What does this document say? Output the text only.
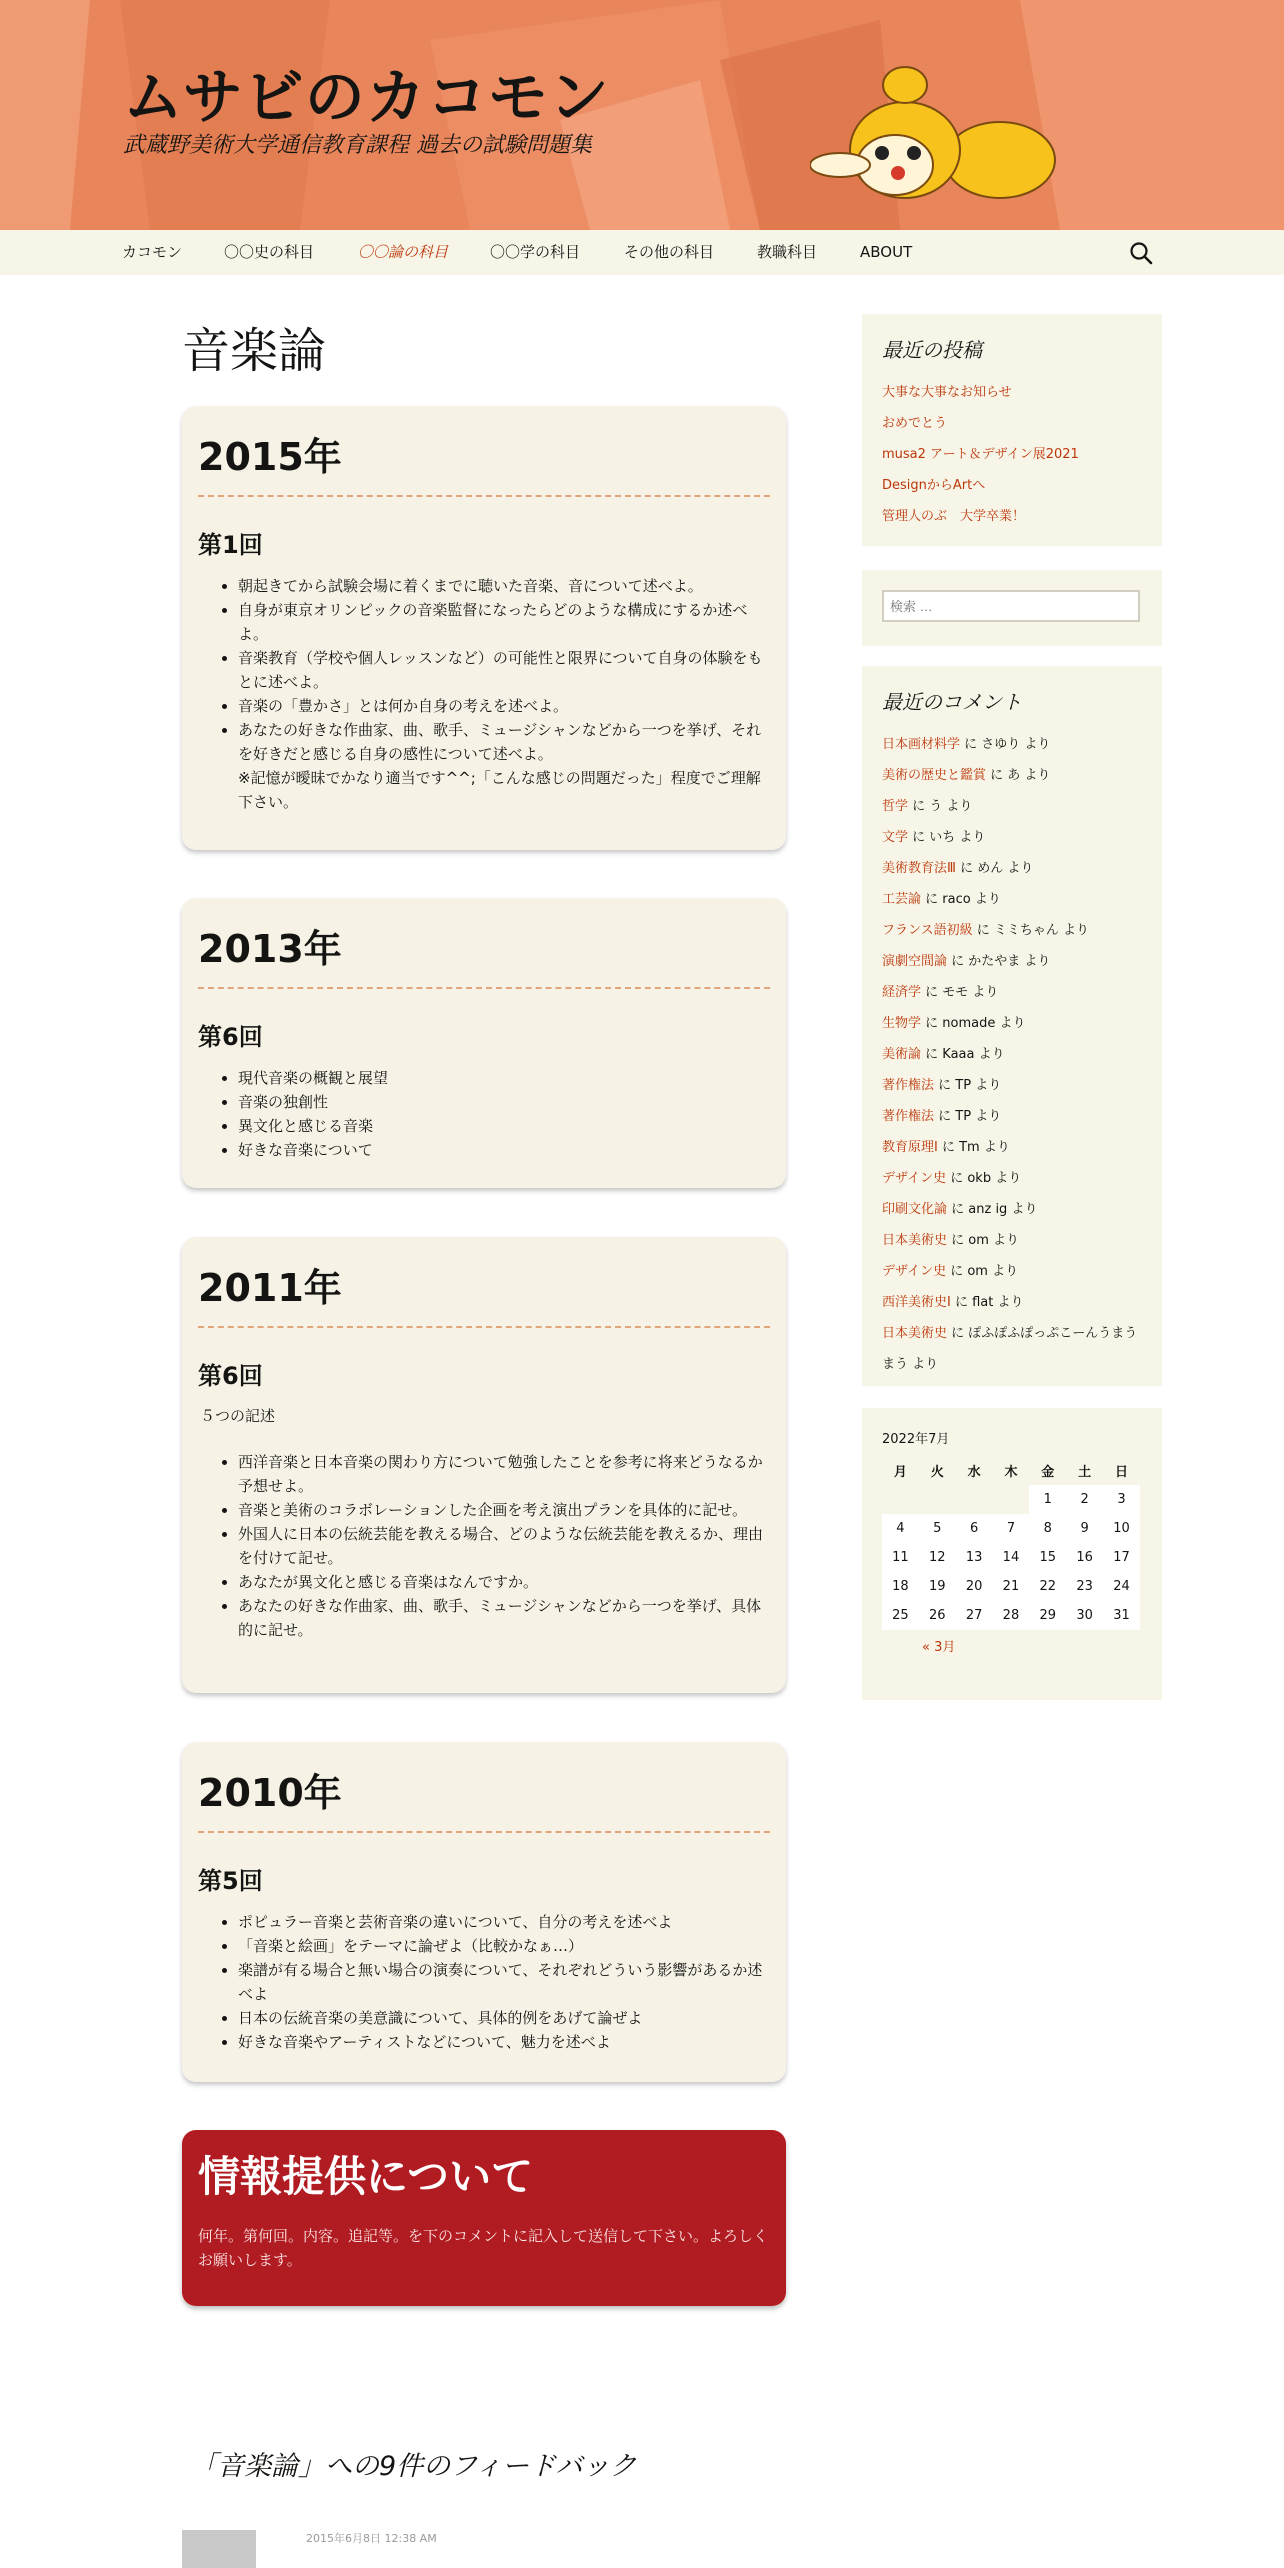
ムサビのカコモン
武蔵野美術大学通信教育課程 過去の試験問題集
カコモン	〇〇史の科目	〇〇論の科目	〇〇学の科目	その他の科目	教職科目	ABOUT
音楽論
2015年
第1回
• 朝起きてから試験会場に着くまでに聴いた音楽、音について述べよ。
• 自身が東京オリンピックの音楽監督になったらどのような構成にするか述べよ。
• 音楽教育（学校や個人レッスンなど）の可能性と限界について自身の体験をもとに述べよ。
• 音楽の「豊かさ」とは何か自身の考えを述べよ。
• あなたの好きな作曲家、曲、歌手、ミュージシャンなどから一つを挙げ、それを好きだと感じる自身の感性について述べよ。
※記憶が曖昧でかなり適当です^^;「こんな感じの問題だった」程度でご理解下さい。
2013年
第6回
• 現代音楽の概観と展望
• 音楽の独創性
• 異文化と感じる音楽
• 好きな音楽について
2011年
第6回

５つの記述

• 西洋音楽と日本音楽の関わり方について勉強したことを参考に将来どうなるか予想せよ。
• 音楽と美術のコラボレーションした企画を考え演出プランを具体的に記せ。
• 外国人に日本の伝統芸能を教える場合、どのような伝統芸能を教えるか、理由を付けて記せ。
• あなたが異文化と感じる音楽はなんですか。
• あなたの好きな作曲家、曲、歌手、ミュージシャンなどから一つを挙げ、具体的に記せ。
2010年
第5回
• ポピュラー音楽と芸術音楽の違いについて、自分の考えを述べよ
• 「音楽と絵画」をテーマに論ぜよ（比較かなぁ…）
• 楽譜が有る場合と無い場合の演奏について、それぞれどういう影響があるか述べよ
• 日本の伝統音楽の美意識について、具体的例をあげて論ぜよ
• 好きな音楽やアーティストなどについて、魅力を述べよ
情報提供について

何年。第何回。内容。追記等。を下のコメントに記入して送信して下さい。よろしくお願いします。

「音楽論」への9件のフィードバック
2015年6月8日 12:38 AM
最近の投稿
大事な大事なお知らせ
おめでとう
musa2 アート＆デザイン展2021
DesignからArtへ
管理人のぶ　大学卒業！
検索 …
最近のコメント
日本画材料学 に さゆり より
美術の歴史と鑑賞 に あ より
哲学 に う より
文学 に いち より
美術教育法Ⅲ に めん より
工芸論 に raco より
フランス語初級 に ミミちゃん より
演劇空間論 に かたやま より
経済学 に モモ より
生物学 に nomade より
美術論 に Kaaa より
著作権法 に TP より
著作権法 に TP より
教育原理Ⅰ に Tm より
デザイン史 に okb より
印刷文化論 に anz ig より
日本美術史 に om より
デザイン史 に om より
西洋美術史Ⅰ に flat より
日本美術史 に ぽふぽふぽっぷこーんうまうまう より
2022年7月
月	火	水	木	金	土	日
				1	2	3
4	5	6	7	8	9	10
11	12	13	14	15	16	17
18	19	20	21	22	23	24
25	26	27	28	29	30	31
« 3月
